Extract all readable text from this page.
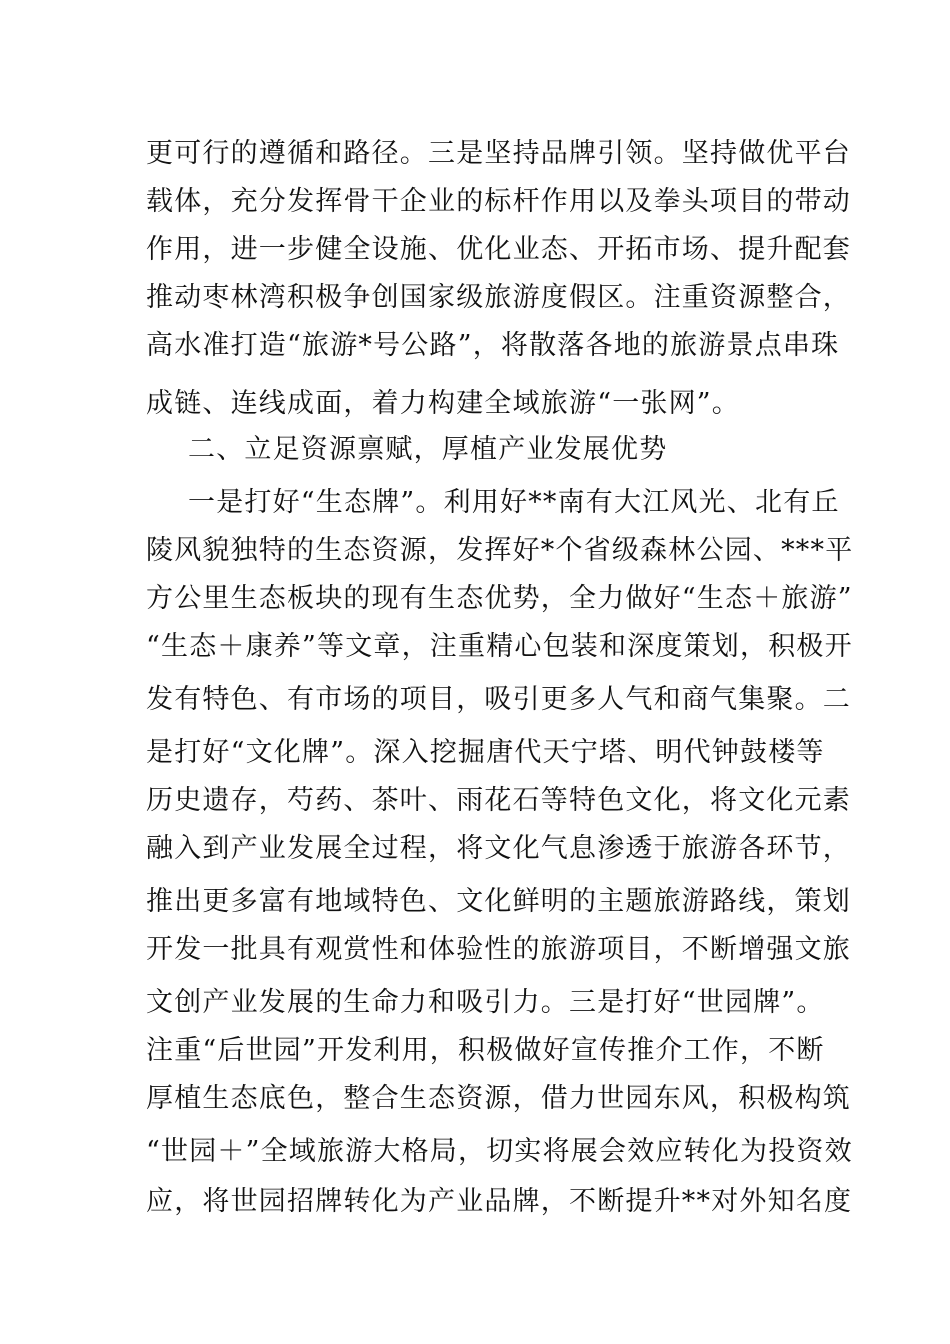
更可行的遵循和路径。三是坚持品牌引领。坚持做优平台
载体，充分发挥骨干企业的标杆作用以及拳头项目的带动
作用，进一步健全设施、优化业态、开拓市场、提升配套
推动枣林湾积极争创国家级旅游度假区。注重资源整合，
高水准打造“旅游*号公路”，将散落各地的旅游景点串珠
成链、连线成面，着力构建全域旅游“一张网”。
二、立足资源禀赋，厚植产业发展优势
一是打好“生态牌”。利用好**南有大江风光、北有丘
陵风貌独特的生态资源，发挥好*个省级森林公园、***平
方公里生态板块的现有生态优势，全力做好“生态＋旅游”
“生态＋康养”等文章，注重精心包装和深度策划，积极开
发有特色、有市场的项目，吸引更多人气和商气集聚。二
是打好“文化牌”。深入挖掘唐代天宁塔、明代钟鼓楼等
历史遗存，芍药、茶叶、雨花石等特色文化，将文化元素
融入到产业发展全过程，将文化气息渗透于旅游各环节，
推出更多富有地域特色、文化鲜明的主题旅游路线，策划
开发一批具有观赏性和体验性的旅游项目，不断增强文旅
文创产业发展的生命力和吸引力。三是打好“世园牌”。
注重“后世园”开发利用，积极做好宣传推介工作，不断
厚植生态底色，整合生态资源，借力世园东风，积极构筑
“世园＋”全域旅游大格局，切实将展会效应转化为投资效
应，将世园招牌转化为产业品牌，不断提升**对外知名度
